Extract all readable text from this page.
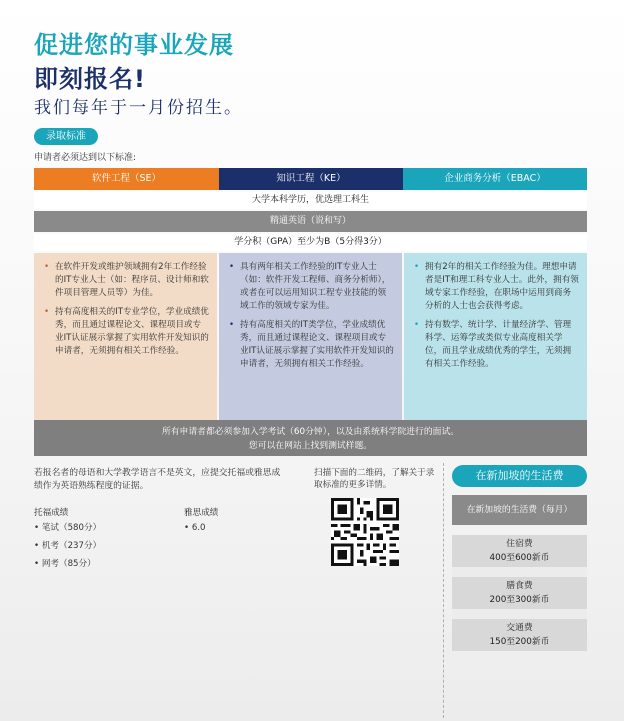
促进您的事业发展
即刻报名!
我们每年于一月份招生。
录取标准
申请者必须达到以下标准:
软件工程（SE）	知识工程（KE）	企业商务分析（EBAC）
大学本科学历，优选理工科生
精通英语（说和写）
学分积（GPA）至少为B（5分得3分）
• 在软件开发或维护领域拥有2年工作经验的IT专业人士（如：程序员、设计师和软件项目管理人员等）为佳。
• 持有高度相关的IT专业学位，学业成绩优秀，而且通过课程论文、课程项目或专业IT认证展示掌握了实用软件开发知识的申请者，无须拥有相关工作经验。
• 具有两年相关工作经验的IT专业人士（如：软件开发工程师、商务分析师），或者在可以运用知识工程专业技能的领域工作的领域专家为佳。
• 持有高度相关的IT类学位，学业成绩优秀，而且通过课程论文、课程项目或专业IT认证展示掌握了实用软件开发知识的申请者，无须拥有相关工作经验。
• 拥有2年的相关工作经验为佳。理想申请者是IT和理工科专业人士。此外，拥有领域专家工作经验，在职场中运用到商务分析的人士也会获得考虑。
• 持有数学、统计学、计量经济学、管理科学、运筹学或类似专业高度相关学位，而且学业成绩优秀的学生，无须拥有相关工作经验。
所有申请者都必须参加入学考试（60分钟），以及由系统科学院进行的面试。
您可以在网站上找到测试样题。
若报名者的母语和大学教学语言不是英文，应提交托福或雅思成绩作为英语熟练程度的证据。
托福成绩
• 笔试（580分）
• 机考（237分）
• 网考（85分）
雅思成绩
• 6.0
扫描下面的二维码，了解关于录取标准的更多详情。
在新加坡的生活费
在新加坡的生活费（每月）
住宿费
400至600新币
膳食费
200至300新币
交通费
150至200新币
